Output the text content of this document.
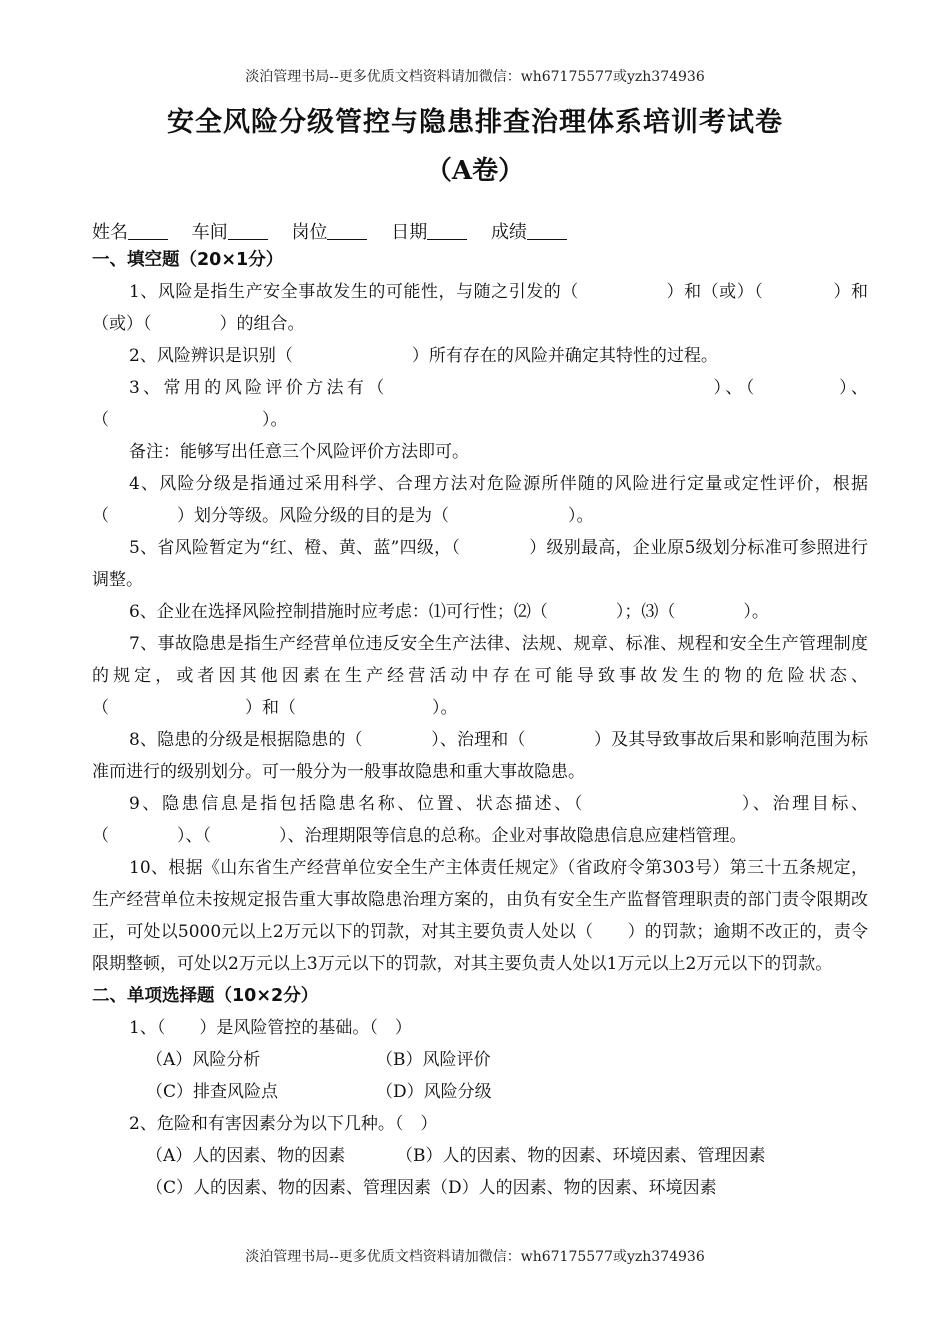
淡泊管理书局--更多优质文档资料请加微信：wh67175577或yzh374936
安全风险分级管控与隐患排查治理体系培训考试卷
（A卷）
姓名	车间	岗位	日期	成绩
一、填空题（20×1分）
1、风险是指生产安全事故发生的可能性，与随之引发的（　　　　　）和（或）（　　　　）和（或）（　　　　）的组合。
2、风险辨识是识别（　　　　　　　）所有存在的风险并确定其特性的过程。
3、常用的风险评价方法有（　　　　　　　　　　　　　　　　）、（　　　　）、（　　　　　　　　　）。
备注：能够写出任意三个风险评价方法即可。
4、风险分级是指通过采用科学、合理方法对危险源所伴随的风险进行定量或定性评价，根据（　　　　）划分等级。风险分级的目的是为（　　　　　　　）。
5、省风险暂定为“红、橙、黄、蓝”四级，（　　　　）级别最高，企业原5级划分标准可参照进行调整。
6、企业在选择风险控制措施时应考虑：⑴可行性；⑵（　　　　）；⑶（　　　　）。
7、事故隐患是指生产经营单位违反安全生产法律、法规、规章、标准、规程和安全生产管理制度的规定，或者因其他因素在生产经营活动中存在可能导致事故发生的物的危险状态、（　　　　　　　　）和（　　　　　　　　）。
8、隐患的分级是根据隐患的（　　　　）、治理和（　　　　）及其导致事故后果和影响范围为标准而进行的级别划分。可一般分为一般事故隐患和重大事故隐患。
9、隐患信息是指包括隐患名称、位置、状态描述、（　　　　　　　　）、治理目标、（　　　　）、（　　　　）、治理期限等信息的总称。企业对事故隐患信息应建档管理。
10、根据《山东省生产经营单位安全生产主体责任规定》（省政府令第303号）第三十五条规定，生产经营单位未按规定报告重大事故隐患治理方案的，由负有安全生产监督管理职责的部门责令限期改正，可处以5000元以上2万元以下的罚款，对其主要负责人处以（　　）的罚款；逾期不改正的，责令限期整顿，可处以2万元以上3万元以下的罚款，对其主要负责人处以1万元以上2万元以下的罚款。
二、单项选择题（10×2分）
1、（　　）是风险管控的基础。（　）
（A）风险分析	（B）风险评价
（C）排查风险点	（D）风险分级
2、危险和有害因素分为以下几种。（　）
（A）人的因素、物的因素	（B）人的因素、物的因素、环境因素、管理因素
（C）人的因素、物的因素、管理因素（D）人的因素、物的因素、环境因素
淡泊管理书局--更多优质文档资料请加微信：wh67175577或yzh374936
